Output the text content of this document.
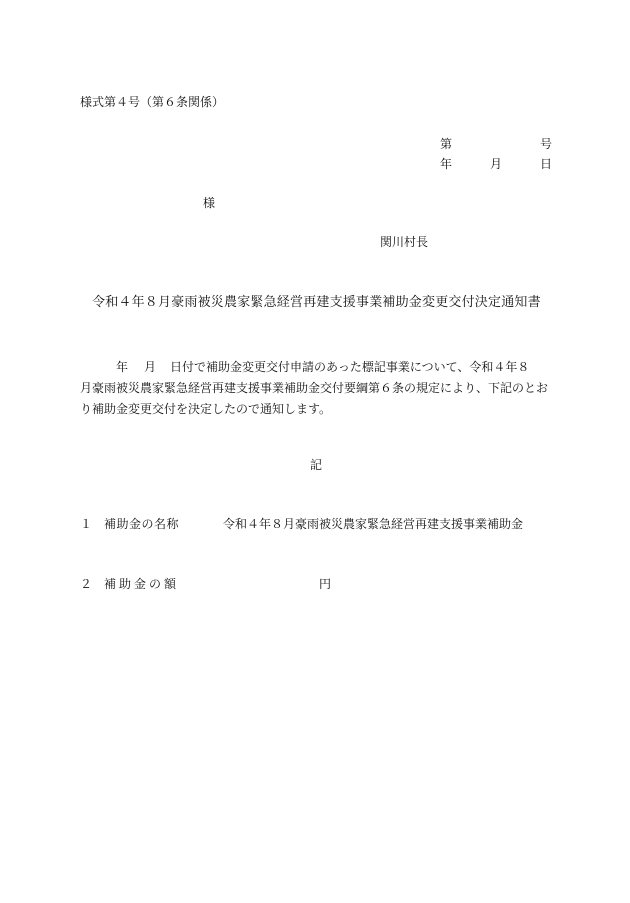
様式第４号（第６条関係）
第	号
年	月	日
様
関川村長
令和４年８月豪雨被災農家緊急経営再建支援事業補助金変更交付決定通知書
年 月 日付で補助金変更交付申請のあった標記事業について、令和４年８
月豪雨被災農家緊急経営再建支援事業補助金交付要綱第６条の規定により、下記のとお
り補助金変更交付を決定したので通知します。
記
１ 補助金の名称	令和４年８月豪雨被災農家緊急経営再建支援事業補助金
２ 補助金の額	円
